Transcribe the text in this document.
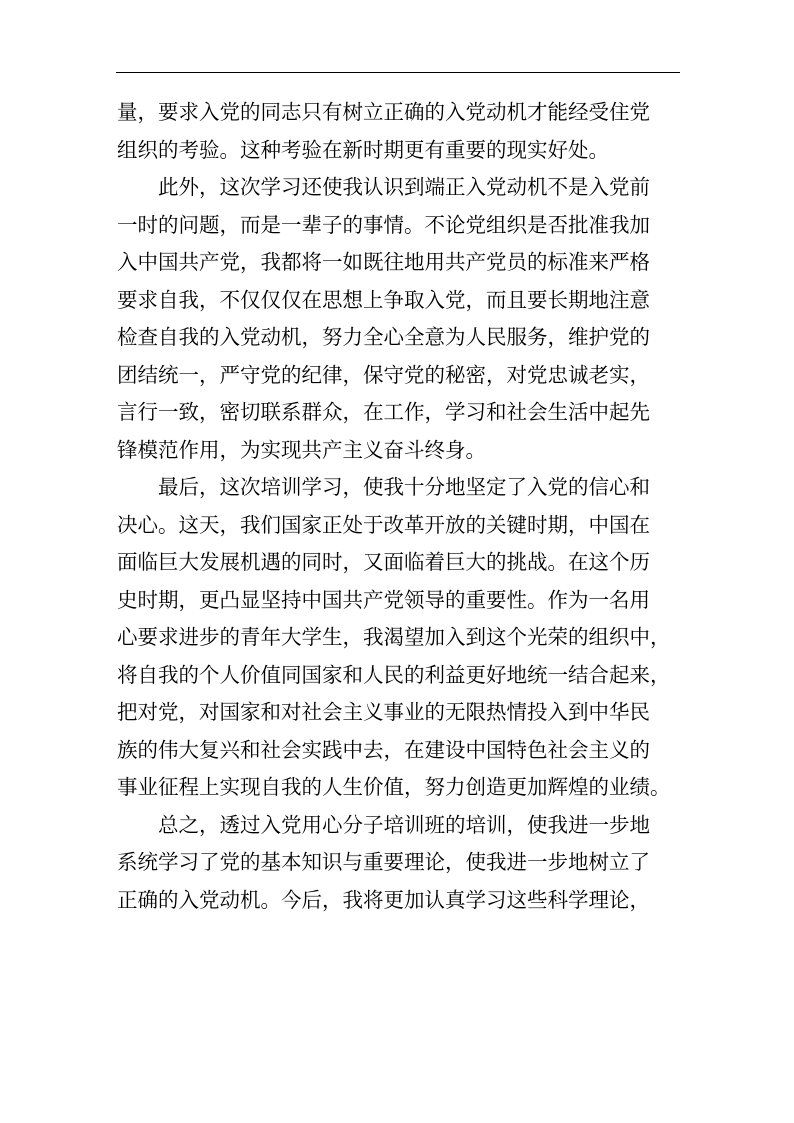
量，要求入党的同志只有树立正确的入党动机才能经受住党
组织的考验。这种考验在新时期更有重要的现实好处。
此外，这次学习还使我认识到端正入党动机不是入党前
一时的问题，而是一辈子的事情。不论党组织是否批准我加
入中国共产党，我都将一如既往地用共产党员的标准来严格
要求自我，不仅仅仅在思想上争取入党，而且要长期地注意
检查自我的入党动机，努力全心全意为人民服务，维护党的
团结统一，严守党的纪律，保守党的秘密，对党忠诚老实，
言行一致，密切联系群众，在工作，学习和社会生活中起先
锋模范作用，为实现共产主义奋斗终身。
最后，这次培训学习，使我十分地坚定了入党的信心和
决心。这天，我们国家正处于改革开放的关键时期，中国在
面临巨大发展机遇的同时，又面临着巨大的挑战。在这个历
史时期，更凸显坚持中国共产党领导的重要性。作为一名用
心要求进步的青年大学生，我渴望加入到这个光荣的组织中，
将自我的个人价值同国家和人民的利益更好地统一结合起来，
把对党，对国家和对社会主义事业的无限热情投入到中华民
族的伟大复兴和社会实践中去，在建设中国特色社会主义的
事业征程上实现自我的人生价值，努力创造更加辉煌的业绩。
总之，透过入党用心分子培训班的培训，使我进一步地
系统学习了党的基本知识与重要理论，使我进一步地树立了
正确的入党动机。今后，我将更加认真学习这些科学理论，
